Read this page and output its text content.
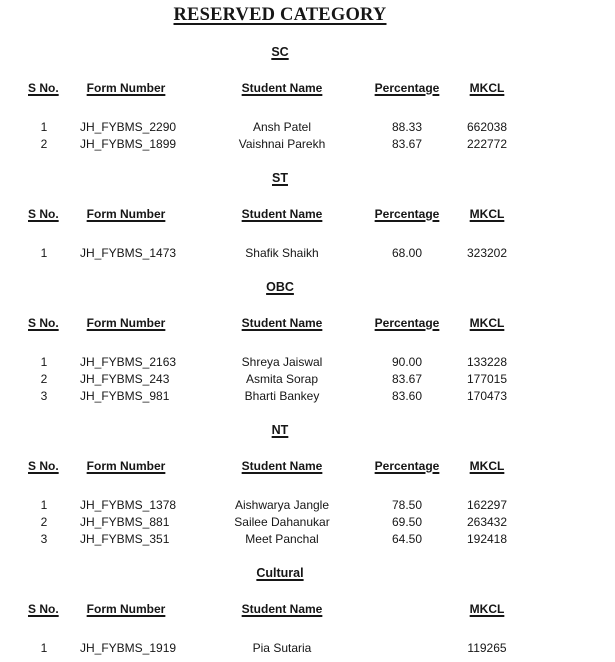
RESERVED CATEGORY
SC
S No.	Form Number	Student Name	Percentage	MKCL
1	JH_FYBMS_2290	Ansh Patel	88.33	662038
2	JH_FYBMS_1899	Vaishnai Parekh	83.67	222772
ST
S No.	Form Number	Student Name	Percentage	MKCL
1	JH_FYBMS_1473	Shafik Shaikh	68.00	323202
OBC
S No.	Form Number	Student Name	Percentage	MKCL
1	JH_FYBMS_2163	Shreya Jaiswal	90.00	133228
2	JH_FYBMS_243	Asmita Sorap	83.67	177015
3	JH_FYBMS_981	Bharti Bankey	83.60	170473
NT
S No.	Form Number	Student Name	Percentage	MKCL
1	JH_FYBMS_1378	Aishwarya Jangle	78.50	162297
2	JH_FYBMS_881	Sailee Dahanukar	69.50	263432
3	JH_FYBMS_351	Meet Panchal	64.50	192418
Cultural
S No.	Form Number	Student Name	MKCL
1	JH_FYBMS_1919	Pia Sutaria	119265
